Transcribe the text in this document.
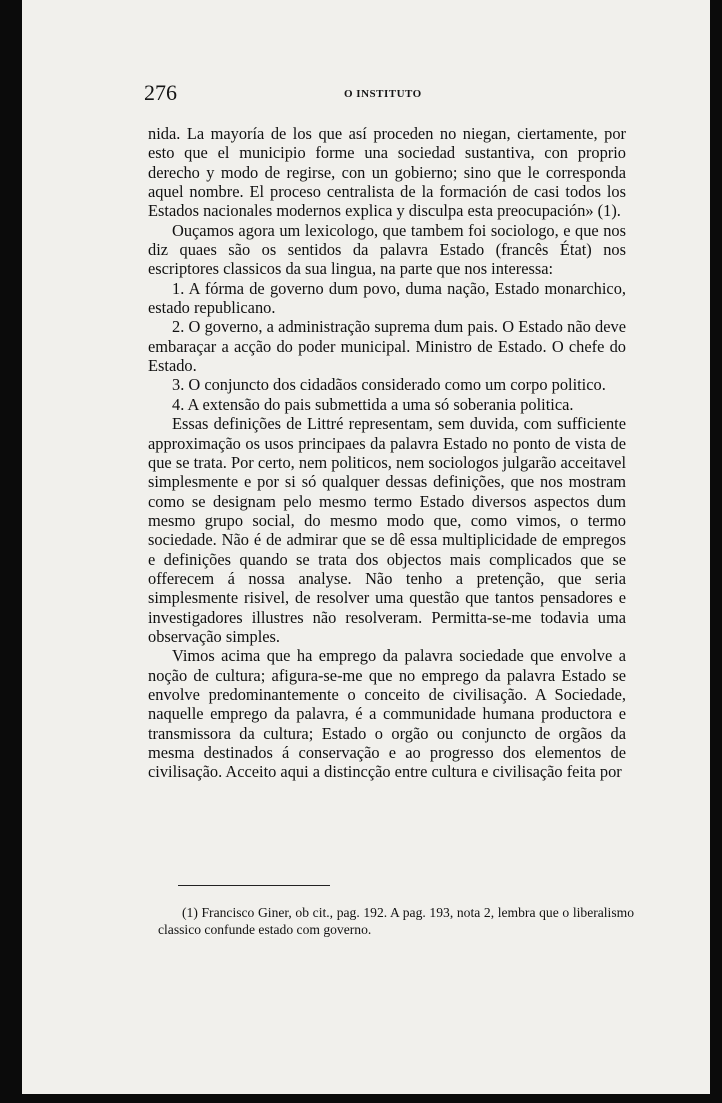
276	O INSTITUTO

nida. La mayoría de los que así proceden no niegan, ciertamente, por esto que el municipio forme una sociedad sustantiva, con proprio derecho y modo de regirse, con un gobierno; sino que le corresponda aquel nombre. El proceso centralista de la formación de casi todos los Estados nacionales modernos explica y disculpa esta preocupación» (1).

Ouçamos agora um lexicologo, que tambem foi sociologo, e que nos diz quaes são os sentidos da palavra Estado (francês État) nos escriptores classicos da sua lingua, na parte que nos interessa:

1. A fórma de governo dum povo, duma nação, Estado monarchico, estado republicano.

2. O governo, a administração suprema dum pais. O Estado não deve embaraçar a acção do poder municipal. Ministro de Estado. O chefe do Estado.

3. O conjuncto dos cidadãos considerado como um corpo politico.

4. A extensão do pais submettida a uma só soberania politica.

Essas definições de Littré representam, sem duvida, com sufficiente approximação os usos principaes da palavra Estado no ponto de vista de que se trata. Por certo, nem politicos, nem sociologos julgarão acceitavel simplesmente e por si só qualquer dessas definições, que nos mostram como se designam pelo mesmo termo Estado diversos aspectos dum mesmo grupo social, do mesmo modo que, como vimos, o termo sociedade. Não é de admirar que se dê essa multiplicidade de empregos e definições quando se trata dos objectos mais complicados que se offerecem á nossa analyse. Não tenho a pretenção, que seria simplesmente risivel, de resolver uma questão que tantos pensadores e investigadores illustres não resolveram. Permitta-se-me todavia uma observação simples.

Vimos acima que ha emprego da palavra sociedade que envolve a noção de cultura; afigura-se-me que no emprego da palavra Estado se envolve predominantemente o conceito de civilisação. A Sociedade, naquelle emprego da palavra, é a communidade humana productora e transmissora da cultura; Estado o orgão ou conjuncto de orgãos da mesma destinados á conservação e ao progresso dos elementos de civilisação. Acceito aqui a distincção entre cultura e civilisação feita por

(1) Francisco Giner, ob cit., pag. 192. A pag. 193, nota 2, lembra que o liberalismo classico confunde estado com governo.
